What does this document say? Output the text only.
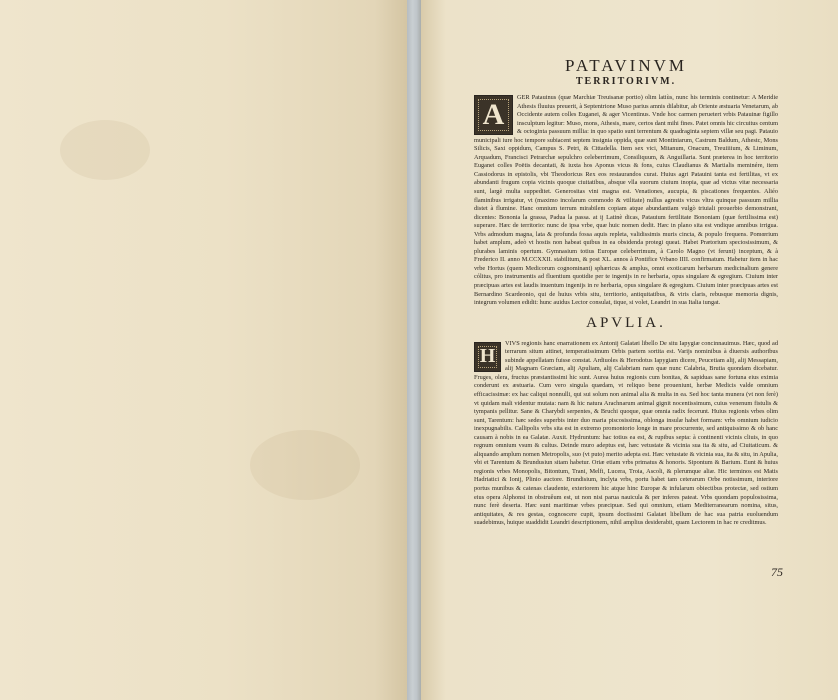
PATAVINVM
TERRITORIVM.

A
GER Patauinus (quæ Marchiæ Treuisanæ portio) olim latiùs, nunc his terminis continetur: A Meridie Athesis fluuius preuerit, à Septentrione Muso parius amnis dilabitur, ab Oriente æstuaria Venetarum, ab Occidente autem colles Euganei, & ager Vicentinus. Vnde hoc carmen peruetert vrbis Patauinæ figillo insculptum legitur: Muso, mons, Athesis, mare, certos dant mihi fines. Patet omnis hic circuitus centum & octoginta passuum millia: in quo spatio sunt terrentum & quadraginta septem villæ seu pagi. Patauio municipali iure hoc tempore subiacent septem insignia oppida, quæ sunt Montiniarum, Castrum Baldum, Athestc, Mons Silicis, Saxi oppidum, Campus S. Petri, & Cittadella. Item sex vici, Mitanum, Onacum, Treuiiiium, & Liminum, Arquadum, Francisci Petrarchæ sepulchro celeberrimum, Consiliquum, & Anguillaria. Sunt præterea in hoc territorio Euganei colles Poëtis decantati, & iuxta hos Aponus vicus & fons, cuius Claudianus & Martialis meminére, item Cassiodorus in epistolis, vbi Theodoricus Rex eos restaurandos curat. Huius agri Patauini tanta est fertilitas, vt ex abundanti frugum copia vicinis quoque ciuitatibus, absque vlla suorum ciuium inopia, quæ ad victus vitæ necessaria sunt, largè multa suppeditet. Generositas vini magna est. Venationes, aucupia, & piscationes frequentes. Aliéo flaminibus irrigatur, vt (maximo incolarum commodo & vtilitate) nullus agrestis vicus vltra quinque passuum millia distet à flumine. Hanc omnium terrum mirabilem copiam atque abundantiam vulgò triuiali prouerbio demonstrant, dicentes: Bononia la grassa, Padua la passa. at ij Latinè dicas, Patauium fertilitate Bononiam (quæ fertilissima est) superare. Hæc de territorio: nunc de ipsa vrbe, quæ huic nomen dedit. Hæc in plano sita est vndique amnibus irrigua. Vrbs admodum magna, lata & profunda fossa aquis repleta, validissimis muris cincta, & populo frequens. Pomœrium habet amplum, adeò vt hostis non habeat quibus in ea obsidenda protegi queat. Habet Prætorium speciosissimum, & plurabes laminis opertum. Gymnasium totius Europæ celeberrimum, à Carolo Magno (vt ferunt) inceptum, & à Frederico II. anno M.CCXXII. stabilitum, & post XL. annos à Pontifice Vrbano IIII. confirmatum. Habetur item in hac vrbe Hortus (quem Medicorum cognominant) sphæricus & amplus, omni exoticarum herbarum medicinalium genere cólitus, pro instrumentis ad fluentium quotidie per te ingenijs in re herbaria, opus singulare & egregium. Ciuium inter præcipuas artes est laudis inuentum ingenijs in re herbaria, opus singulare & egregium. Ciuium inter præcipuas artes est Bernardino Scardeonio, qui de huius vrbis situ, territorio, antiquitatibus, & viris claris, rebusque memoria dignis, integrum volumen edidit: hunc auidus Lector consulat, tique, si volet, Leandri in sua Italia iungat.

APVLIA.

H
VIVS regionis hanc enarrationem ex Antonij Galatæi libello De situ Iapygiæ concinnauimus. Hæc, quod ad terrarum situm attinet, temperatissimum Orbis partem sortita est. Varijs nominibus à diuersis authoribus subinde appellatam fuisse constat. Ardiuoles & Herodotus Iapygiam dicere, Peucetiam alij, alij Messapiam, alij Magnam Græciam, alij Apuliam, alij Calabriam nam quæ nunc Calabria, Brutia quondam dicebatur. Fruges, olera, fructus præstantissimi hic sunt. Aurea huius regionis cum bonitas, & sapiduas sane fortuna eius eximia conderunt ex æstuaria. Cum vero singula quædam, vt reliquo bene proueniunt, herbæ Medicis valde omnium efficacissimæ: ex hac caliqui nonnulli, qui sui solum non animal alia & multa in ea. Sed hoc tanta munera (vt non ferè) vt quidam mali videntur mutata: nam & hic natura Arachnarum animal gignit nocentissimum, cuius venenum fistulis & tympanis pellitur. Sane & Charybdi serpentes, & Bruchi quoque, quæ omnia radix fecerunt. Huius regionis vrbes olim sunt, Tarentum: hæc sedes superbis inter duo maria piscosissima, oblonga insulæ habet formam: vrbs omnium iudicio inexpugnabilis. Callipolis vrbs sita est in extremo promontorio longe in mare procurrente, sed antiquissimo & ob hanc causam à nobis in ea Galatæ. Auxit. Hydruntum: hac totius ea est, & rupibus septa: à continenti vicinis cliuis, in quo regnum omnium vsum & cultus. Deinde muro adeptus est, hæc vetustate & vicinia sua ita & situ, ad Ciuitaticum. & aliquando amplum nomen Metropolis, suo (vt puto) merito adepta est. Hæc vetustate & vicinia sua, ita & situ, in Apulia, vbi et Tarentum & Brundusiun sitam habetur. Oriæ etiam vrbs primatus & honoris. Sipontum & Barium. Eunt & huius regionis vrbes Monopolis, Bitontum, Trani, Melfi, Lucera, Troia, Ascoli, & plerumque aliæ. Hic terminos est Matis Hadriatici & Ionij, Plinio auctore. Brundisium, inclyta vrbs, portu habet tam ceterarum Orbe notissimum, interiore portus munibus & catenas claudente, exteriorem hic atque hinc Europæ & infularum obiectibus protectæ, sed ostium eius opera Alphonsi in obstruêum est, ut non nisi parua nauicula & per inferes pateat. Vrbs quondam populosissima, nunc ferè deserta. Hæc sunt maritimæ vrbes præcipuæ. Sed qui omnium, etiam Mediterranearum nomina, situs, antiquitates, & res gestas, cognoscere cupit, ipsum doctissimi Galatæi libellum de hac sua patria euoluendum suadebimus, huique suaddidit Leandri descriptionem, nihil amplius desiderabit, quam Lectorem in hac re creditmus.

75
